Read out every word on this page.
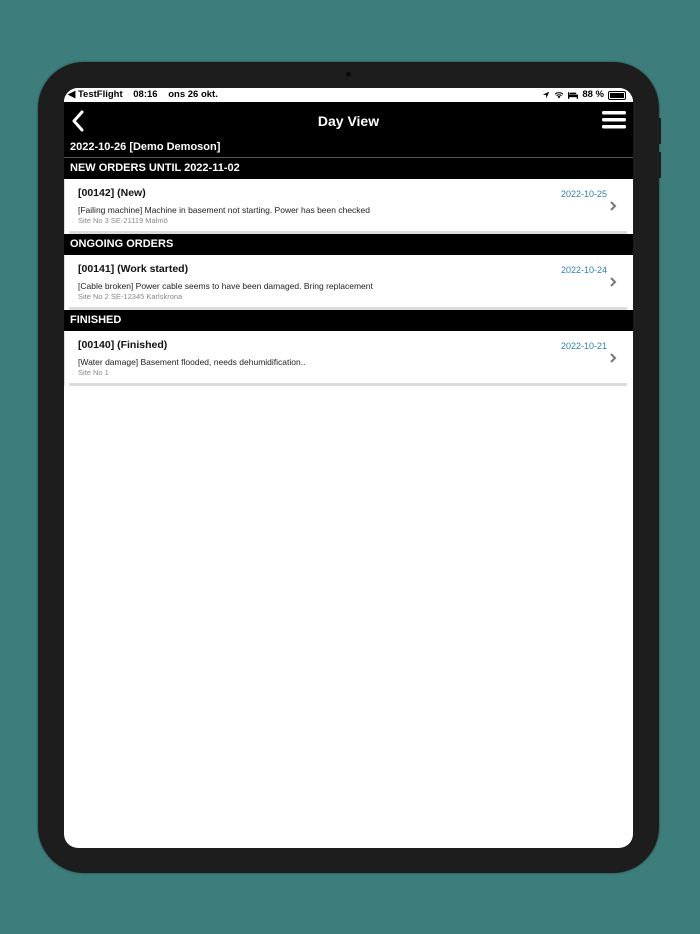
◀ TestFlight 08:16 ons 26 okt.	88 %
Day View
2022-10-26 [Demo Demoson]
NEW ORDERS UNTIL 2022-11-02
[00142] (New)	2022-10-25
[Failing machine] Machine in basement not starting. Power has been checked
Site No 3 SE-21119 Malmö
ONGOING ORDERS
[00141] (Work started)	2022-10-24
[Cable broken] Power cable seems to have been damaged. Bring replacement
Site No 2 SE-12345 Karlskrona
FINISHED
[00140] (Finished)	2022-10-21
[Water damage] Basement flooded, needs dehumidification..
Site No 1
